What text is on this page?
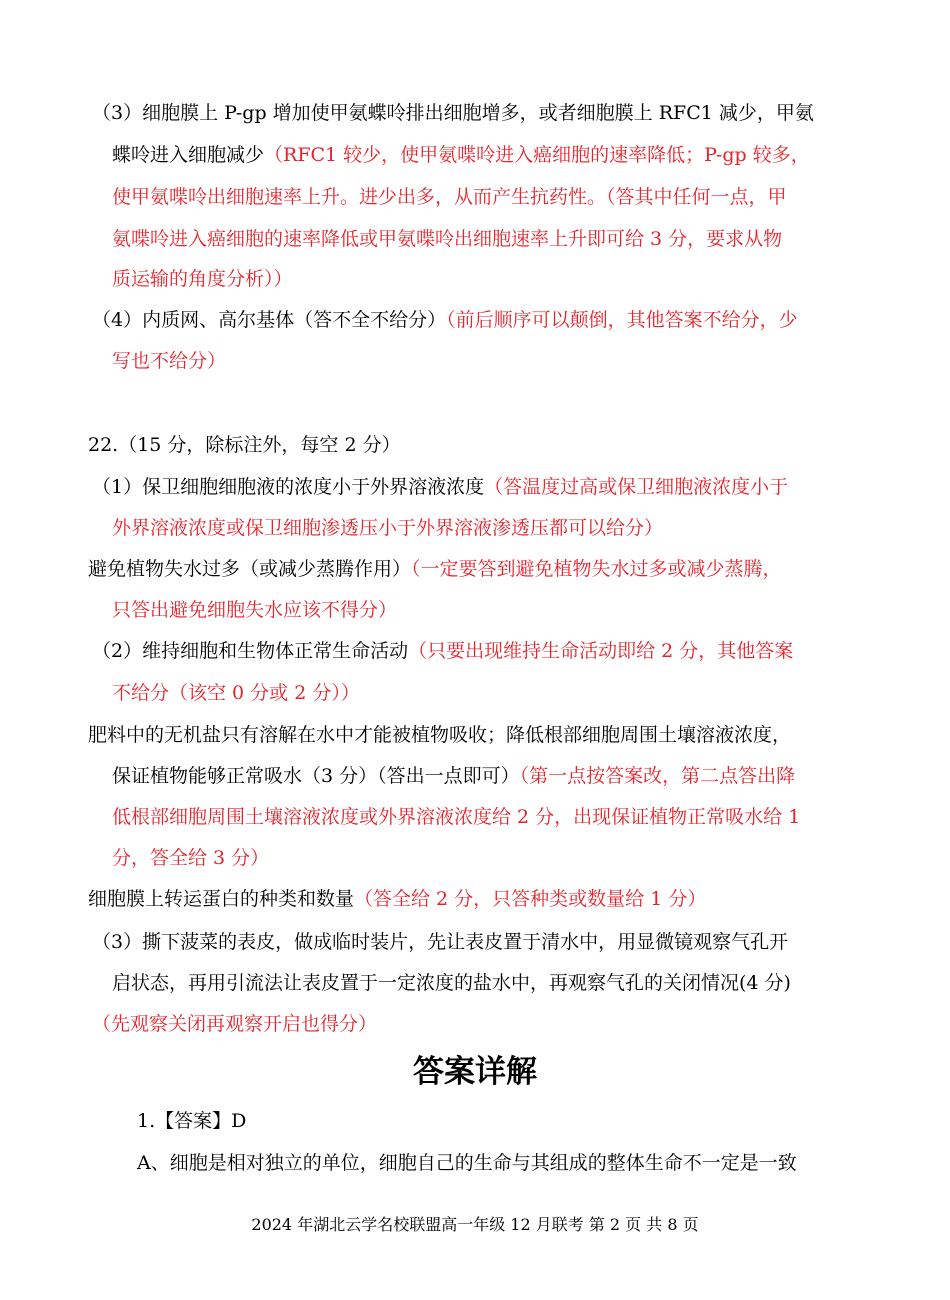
（3）细胞膜上 P-gp 增加使甲氨蝶呤排出细胞增多，或者细胞膜上 RFC1 减少，甲氨
蝶呤进入细胞减少（RFC1 较少，使甲氨喋呤进入癌细胞的速率降低；P-gp 较多，
使甲氨喋呤出细胞速率上升。进少出多，从而产生抗药性。（答其中任何一点，甲
氨喋呤进入癌细胞的速率降低或甲氨喋呤出细胞速率上升即可给 3 分，要求从物
质运输的角度分析））
（4）内质网、高尔基体（答不全不给分）（前后顺序可以颠倒，其他答案不给分，少
写也不给分）
22.（15 分，除标注外，每空 2 分）
（1）保卫细胞细胞液的浓度小于外界溶液浓度（答温度过高或保卫细胞液浓度小于
外界溶液浓度或保卫细胞渗透压小于外界溶液渗透压都可以给分）
避免植物失水过多（或减少蒸腾作用）（一定要答到避免植物失水过多或减少蒸腾，
只答出避免细胞失水应该不得分）
（2）维持细胞和生物体正常生命活动（只要出现维持生命活动即给 2 分，其他答案
不给分（该空 0 分或 2 分））
肥料中的无机盐只有溶解在水中才能被植物吸收；降低根部细胞周围土壤溶液浓度，
保证植物能够正常吸水（3 分）（答出一点即可）（第一点按答案改，第二点答出降
低根部细胞周围土壤溶液浓度或外界溶液浓度给 2 分，出现保证植物正常吸水给 1
分，答全给 3 分）
细胞膜上转运蛋白的种类和数量（答全给 2 分，只答种类或数量给 1 分）
（3）撕下菠菜的表皮，做成临时装片，先让表皮置于清水中，用显微镜观察气孔开
启状态，再用引流法让表皮置于一定浓度的盐水中，再观察气孔的关闭情况(4 分)
（先观察关闭再观察开启也得分）
答案详解
1.【答案】D
A、细胞是相对独立的单位，细胞自己的生命与其组成的整体生命不一定是一致
2024 年湖北云学名校联盟高一年级 12 月联考 第 2 页 共 8 页
